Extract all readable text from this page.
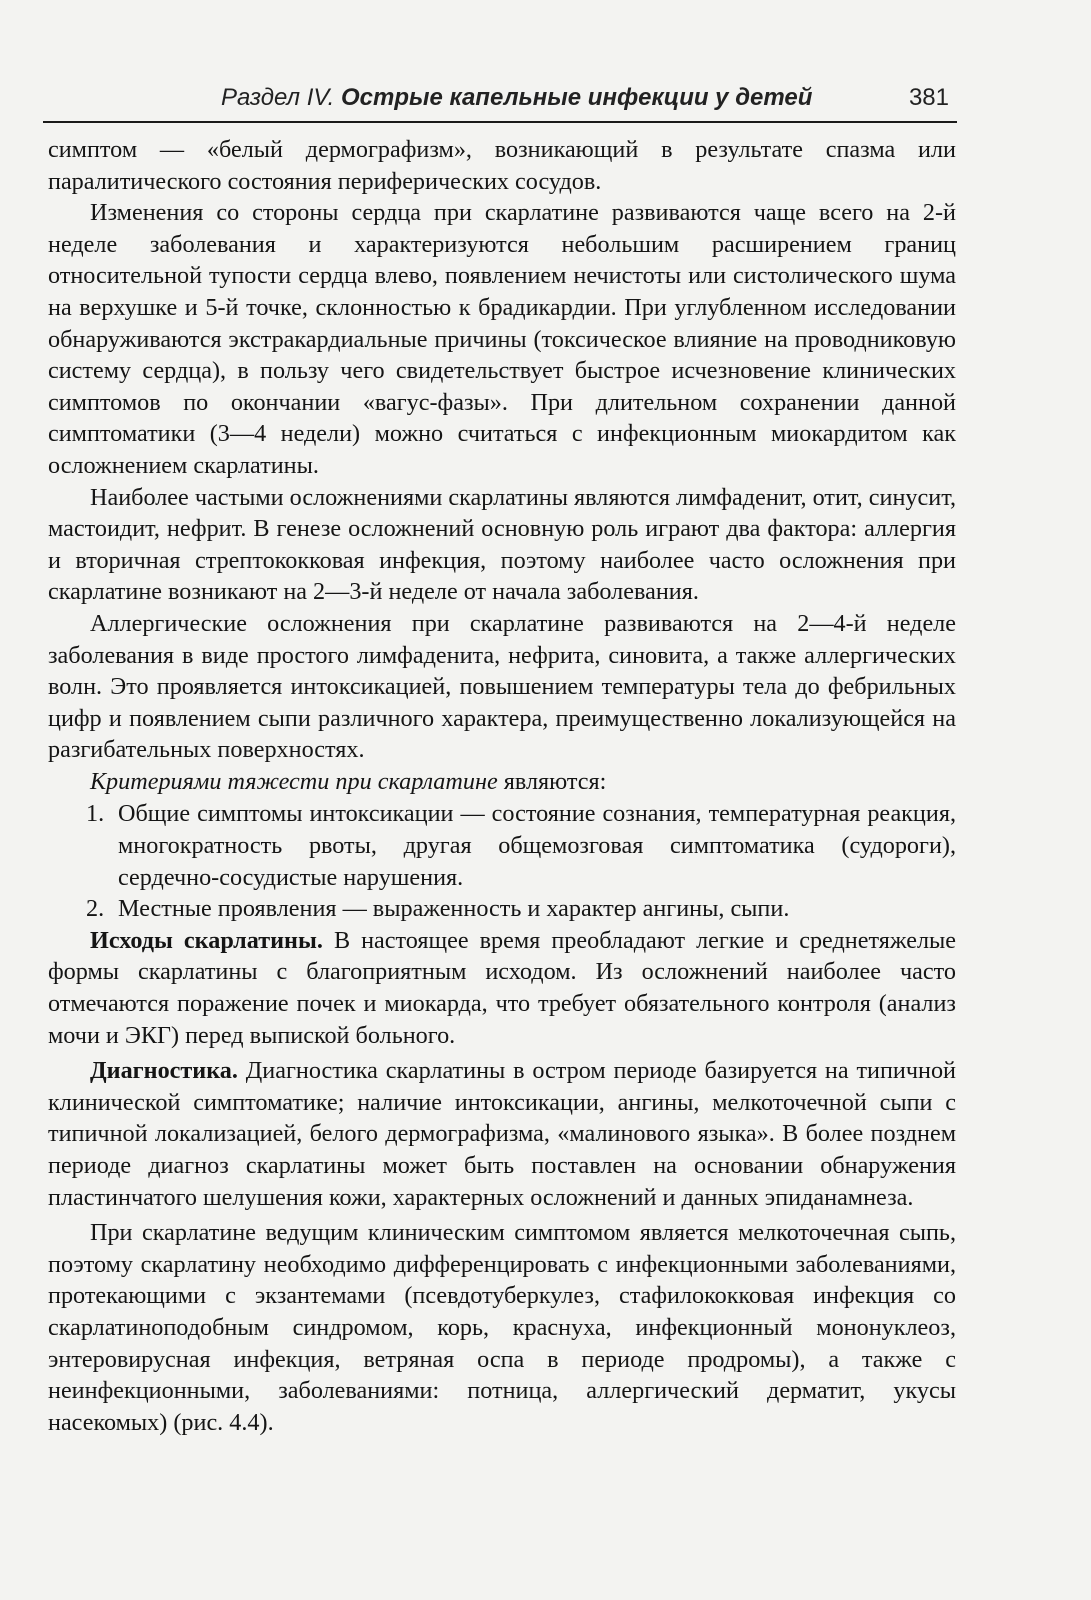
Раздел IV. Острые капельные инфекции у детей	381

симптом — «белый дермографизм», возникающий в результате спазма или паралитического состояния периферических сосудов.

Изменения со стороны сердца при скарлатине развиваются чаще всего на 2-й неделе заболевания и характеризуются небольшим расширением границ относительной тупости сердца влево, появлением нечистоты или систолического шума на верхушке и 5-й точке, склонностью к брадикардии. При углубленном исследовании обнаруживаются экстракардиальные причины (токсическое влияние на проводниковую систему сердца), в пользу чего свидетельствует быстрое исчезновение клинических симптомов по окончании «вагус-фазы». При длительном сохранении данной симптоматики (3—4 недели) можно считаться с инфекционным миокардитом как осложнением скарлатины.

Наиболее частыми осложнениями скарлатины являются лимфаденит, отит, синусит, мастоидит, нефрит. В генезе осложнений основную роль играют два фактора: аллергия и вторичная стрептококковая инфекция, поэтому наиболее часто осложнения при скарлатине возникают на 2—3-й неделе от начала заболевания.

Аллергические осложнения при скарлатине развиваются на 2—4-й неделе заболевания в виде простого лимфаденита, нефрита, синовита, а также аллергических волн. Это проявляется интоксикацией, повышением температуры тела до фебрильных цифр и появлением сыпи различного характера, преимущественно локализующейся на разгибательных поверхностях.

Критериями тяжести при скарлатине являются:

1. Общие симптомы интоксикации — состояние сознания, температурная реакция, многократность рвоты, другая общемозговая симптоматика (судороги), сердечно-сосудистые нарушения.
2. Местные проявления — выраженность и характер ангины, сыпи.

Исходы скарлатины. В настоящее время преобладают легкие и среднетяжелые формы скарлатины с благоприятным исходом. Из осложнений наиболее часто отмечаются поражение почек и миокарда, что требует обязательного контроля (анализ мочи и ЭКГ) перед выпиской больного.

Диагностика. Диагностика скарлатины в остром периоде базируется на типичной клинической симптоматике; наличие интоксикации, ангины, мелкоточечной сыпи с типичной локализацией, белого дермографизма, «малинового языка». В более позднем периоде диагноз скарлатины может быть поставлен на основании обнаружения пластинчатого шелушения кожи, характерных осложнений и данных эпиданамнеза.

При скарлатине ведущим клиническим симптомом является мелкоточечная сыпь, поэтому скарлатину необходимо дифференцировать с инфекционными заболеваниями, протекающими с экзантемами (псевдотуберкулез, стафилококковая инфекция со скарлатиноподобным синдромом, корь, краснуха, инфекционный мононуклеоз, энтеровирусная инфекция, ветряная оспа в периоде продромы), а также с неинфекционными, заболеваниями: потница, аллергический дерматит, укусы насекомых) (рис. 4.4).
